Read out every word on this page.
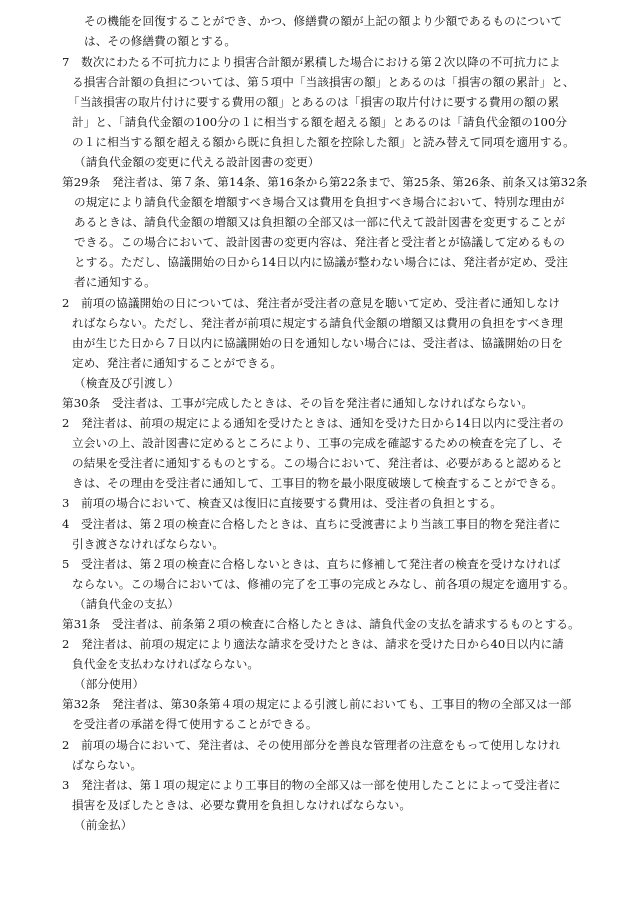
その機能を回復することができ、かつ、修繕費の額が上記の額より少額であるものについて
は、その修繕費の額とする。
7　数次にわたる不可抗力により損害合計額が累積した場合における第２次以降の不可抗力によ
る損害合計額の負担については、第５項中「当該損害の額」とあるのは「損害の額の累計」と、
「当該損害の取片付けに要する費用の額」とあるのは「損害の取片付けに要する費用の額の累
計」と、「請負代金額の100分の１に相当する額を超える額」とあるのは「請負代金額の100分
の１に相当する額を超える額から既に負担した額を控除した額」と読み替えて同項を適用する。
（請負代金額の変更に代える設計図書の変更）
第29条　発注者は、第７条、第14条、第16条から第22条まで、第25条、第26条、前条又は第32条
の規定により請負代金額を増額すべき場合又は費用を負担すべき場合において、特別な理由が
あるときは、請負代金額の増額又は負担額の全部又は一部に代えて設計図書を変更することが
できる。この場合において、設計図書の変更内容は、発注者と受注者とが協議して定めるもの
とする。ただし、協議開始の日から14日以内に協議が整わない場合には、発注者が定め、受注
者に通知する。
2　前項の協議開始の日については、発注者が受注者の意見を聴いて定め、受注者に通知しなけ
ればならない。ただし、発注者が前項に規定する請負代金額の増額又は費用の負担をすべき理
由が生じた日から７日以内に協議開始の日を通知しない場合には、受注者は、協議開始の日を
定め、発注者に通知することができる。
（検査及び引渡し）
第30条　受注者は、工事が完成したときは、その旨を発注者に通知しなければならない。
2　発注者は、前項の規定による通知を受けたときは、通知を受けた日から14日以内に受注者の
立会いの上、設計図書に定めるところにより、工事の完成を確認するための検査を完了し、そ
の結果を受注者に通知するものとする。この場合において、発注者は、必要があると認めると
きは、その理由を受注者に通知して、工事目的物を最小限度破壊して検査することができる。
3　前項の場合において、検査又は復旧に直接要する費用は、受注者の負担とする。
4　受注者は、第２項の検査に合格したときは、直ちに受渡書により当該工事目的物を発注者に
引き渡さなければならない。
5　受注者は、第２項の検査に合格しないときは、直ちに修補して発注者の検査を受けなければ
ならない。この場合においては、修補の完了を工事の完成とみなし、前各項の規定を適用する。
（請負代金の支払）
第31条　受注者は、前条第２項の検査に合格したときは、請負代金の支払を請求するものとする。
2　発注者は、前項の規定により適法な請求を受けたときは、請求を受けた日から40日以内に請
負代金を支払わなければならない。
（部分使用）
第32条　発注者は、第30条第４項の規定による引渡し前においても、工事目的物の全部又は一部
を受注者の承諾を得て使用することができる。
2　前項の場合において、発注者は、その使用部分を善良な管理者の注意をもって使用しなけれ
ばならない。
3　発注者は、第１項の規定により工事目的物の全部又は一部を使用したことによって受注者に
損害を及ぼしたときは、必要な費用を負担しなければならない。
（前金払）
